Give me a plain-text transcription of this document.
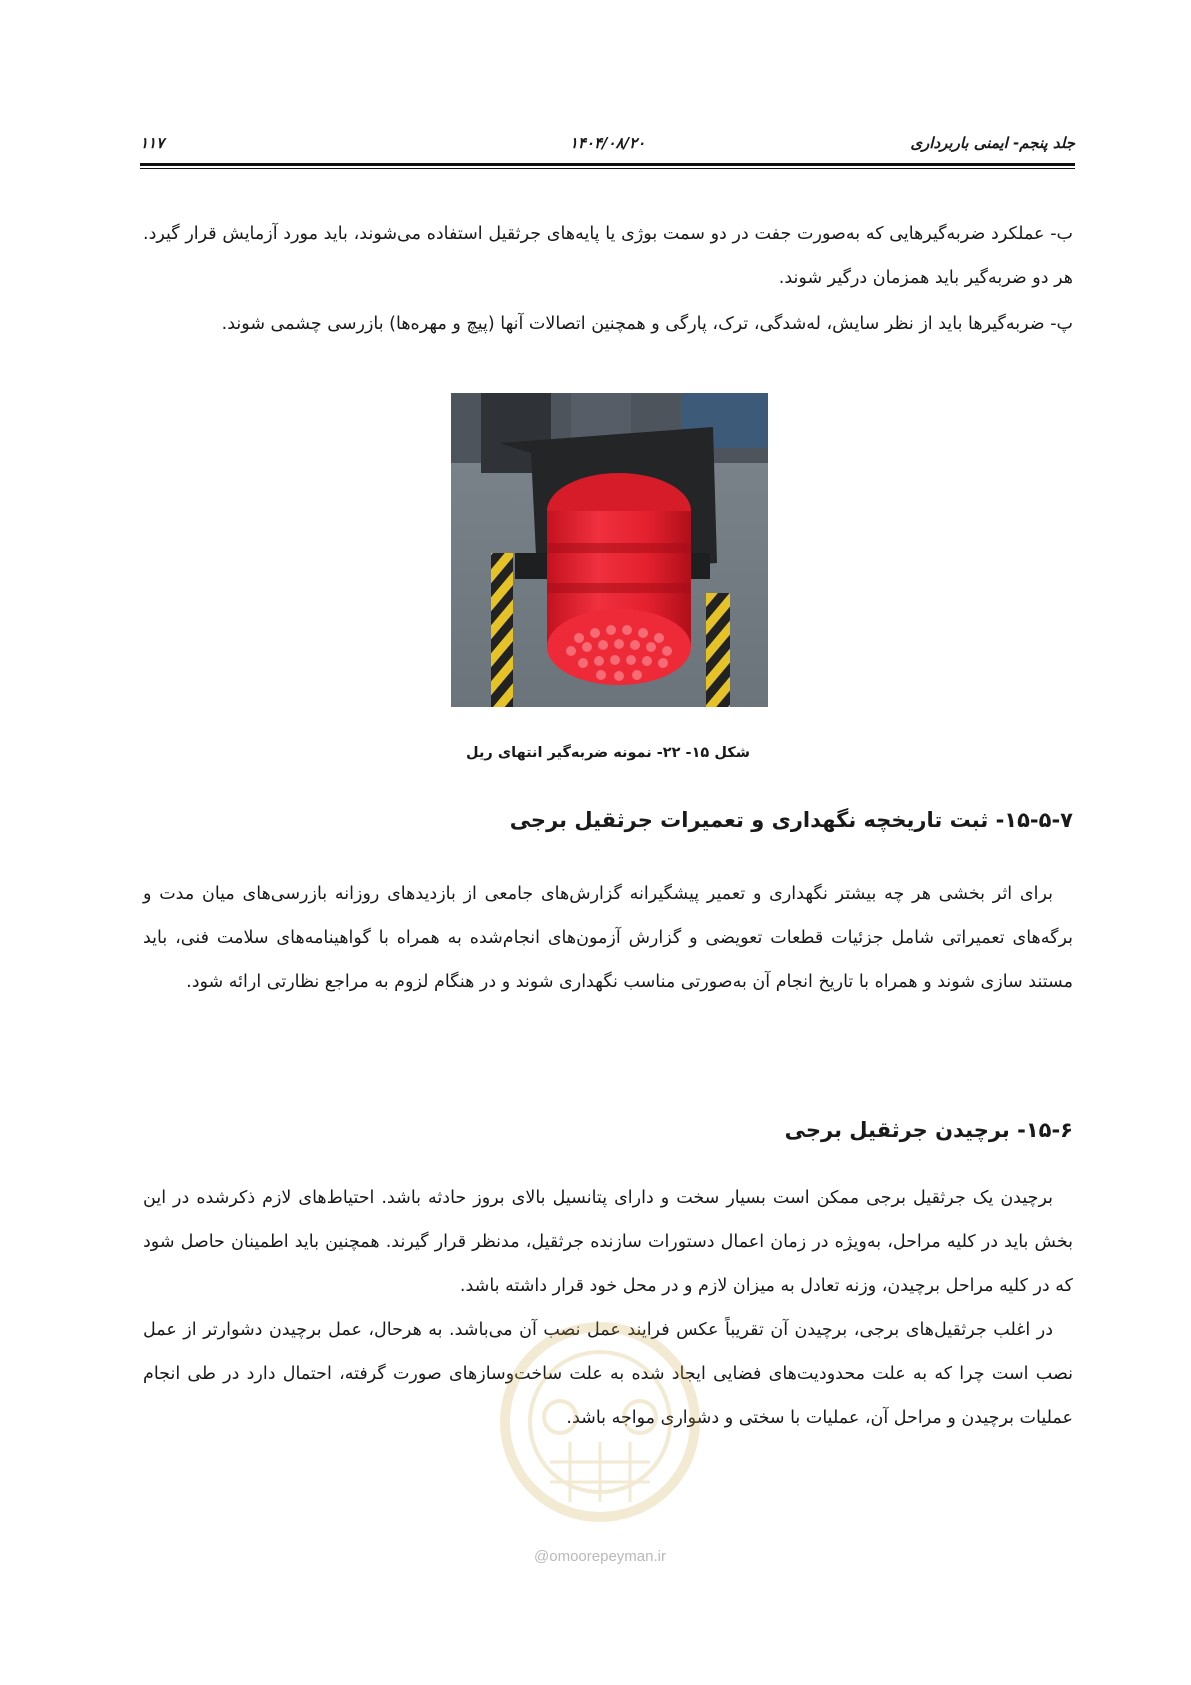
۱۱۷	۱۴۰۴/۰۸/۲۰	جلد پنجم- ایمنی باربرداری

ب- عملکرد ضربه‌گیرهایی که به‌صورت جفت در دو سمت بوژی یا پایه‌های جرثقیل استفاده می‌شوند، باید مورد آزمایش قرار گیرد. هر دو ضربه‌گیر باید همزمان درگیر شوند.

پ- ضربه‌گیرها باید از نظر سایش، له‌شدگی، ترک، پارگی و همچنین اتصالات آنها (پیچ و مهره‌ها) بازرسی چشمی شوند.

شکل ۱۵- ۲۲- نمونه ضربه‌گیر انتهای ریل
۱۵-۵-۷- ثبت تاریخچه نگهداری و تعمیرات جرثقیل برجی

برای اثر بخشی هر چه بیشتر نگهداری و تعمیر پیشگیرانه گزارش‌های جامعی از بازدیدهای روزانه بازرسی‌های میان مدت و برگه‌های تعمیراتی شامل جزئیات قطعات تعویضی و گزارش آزمون‌های انجام‌شده به همراه با گواهینامه‌های سلامت فنی، باید مستند سازی شوند و همراه با تاریخ انجام آن به‌صورتی مناسب نگهداری شوند و در هنگام لزوم به مراجع نظارتی ارائه شود.

۱۵-۶- برچیدن جرثقیل برجی

برچیدن یک جرثقیل برجی ممکن است بسیار سخت و دارای پتانسیل بالای بروز حادثه باشد. احتیاط‌های لازم ذکرشده در این بخش باید در کلیه مراحل، به‌ویژه در زمان اعمال دستورات سازنده جرثقیل، مدنظر قرار گیرند. همچنین باید اطمینان حاصل شود که در کلیه مراحل برچیدن، وزنه تعادل به میزان لازم و در محل خود قرار داشته باشد.

در اغلب جرثقیل‌های برجی، برچیدن آن تقریباً عکس فرایند عمل نصب آن می‌باشد. به هرحال، عمل برچیدن دشوارتر از عمل نصب است چرا که به علت محدودیت‌های فضایی ایجاد شده به علت ساخت‌وسازهای صورت گرفته، احتمال دارد در طی انجام عملیات برچیدن و مراحل آن، عملیات با سختی و دشواری مواجه باشد.

@omoorepeyman.ir
